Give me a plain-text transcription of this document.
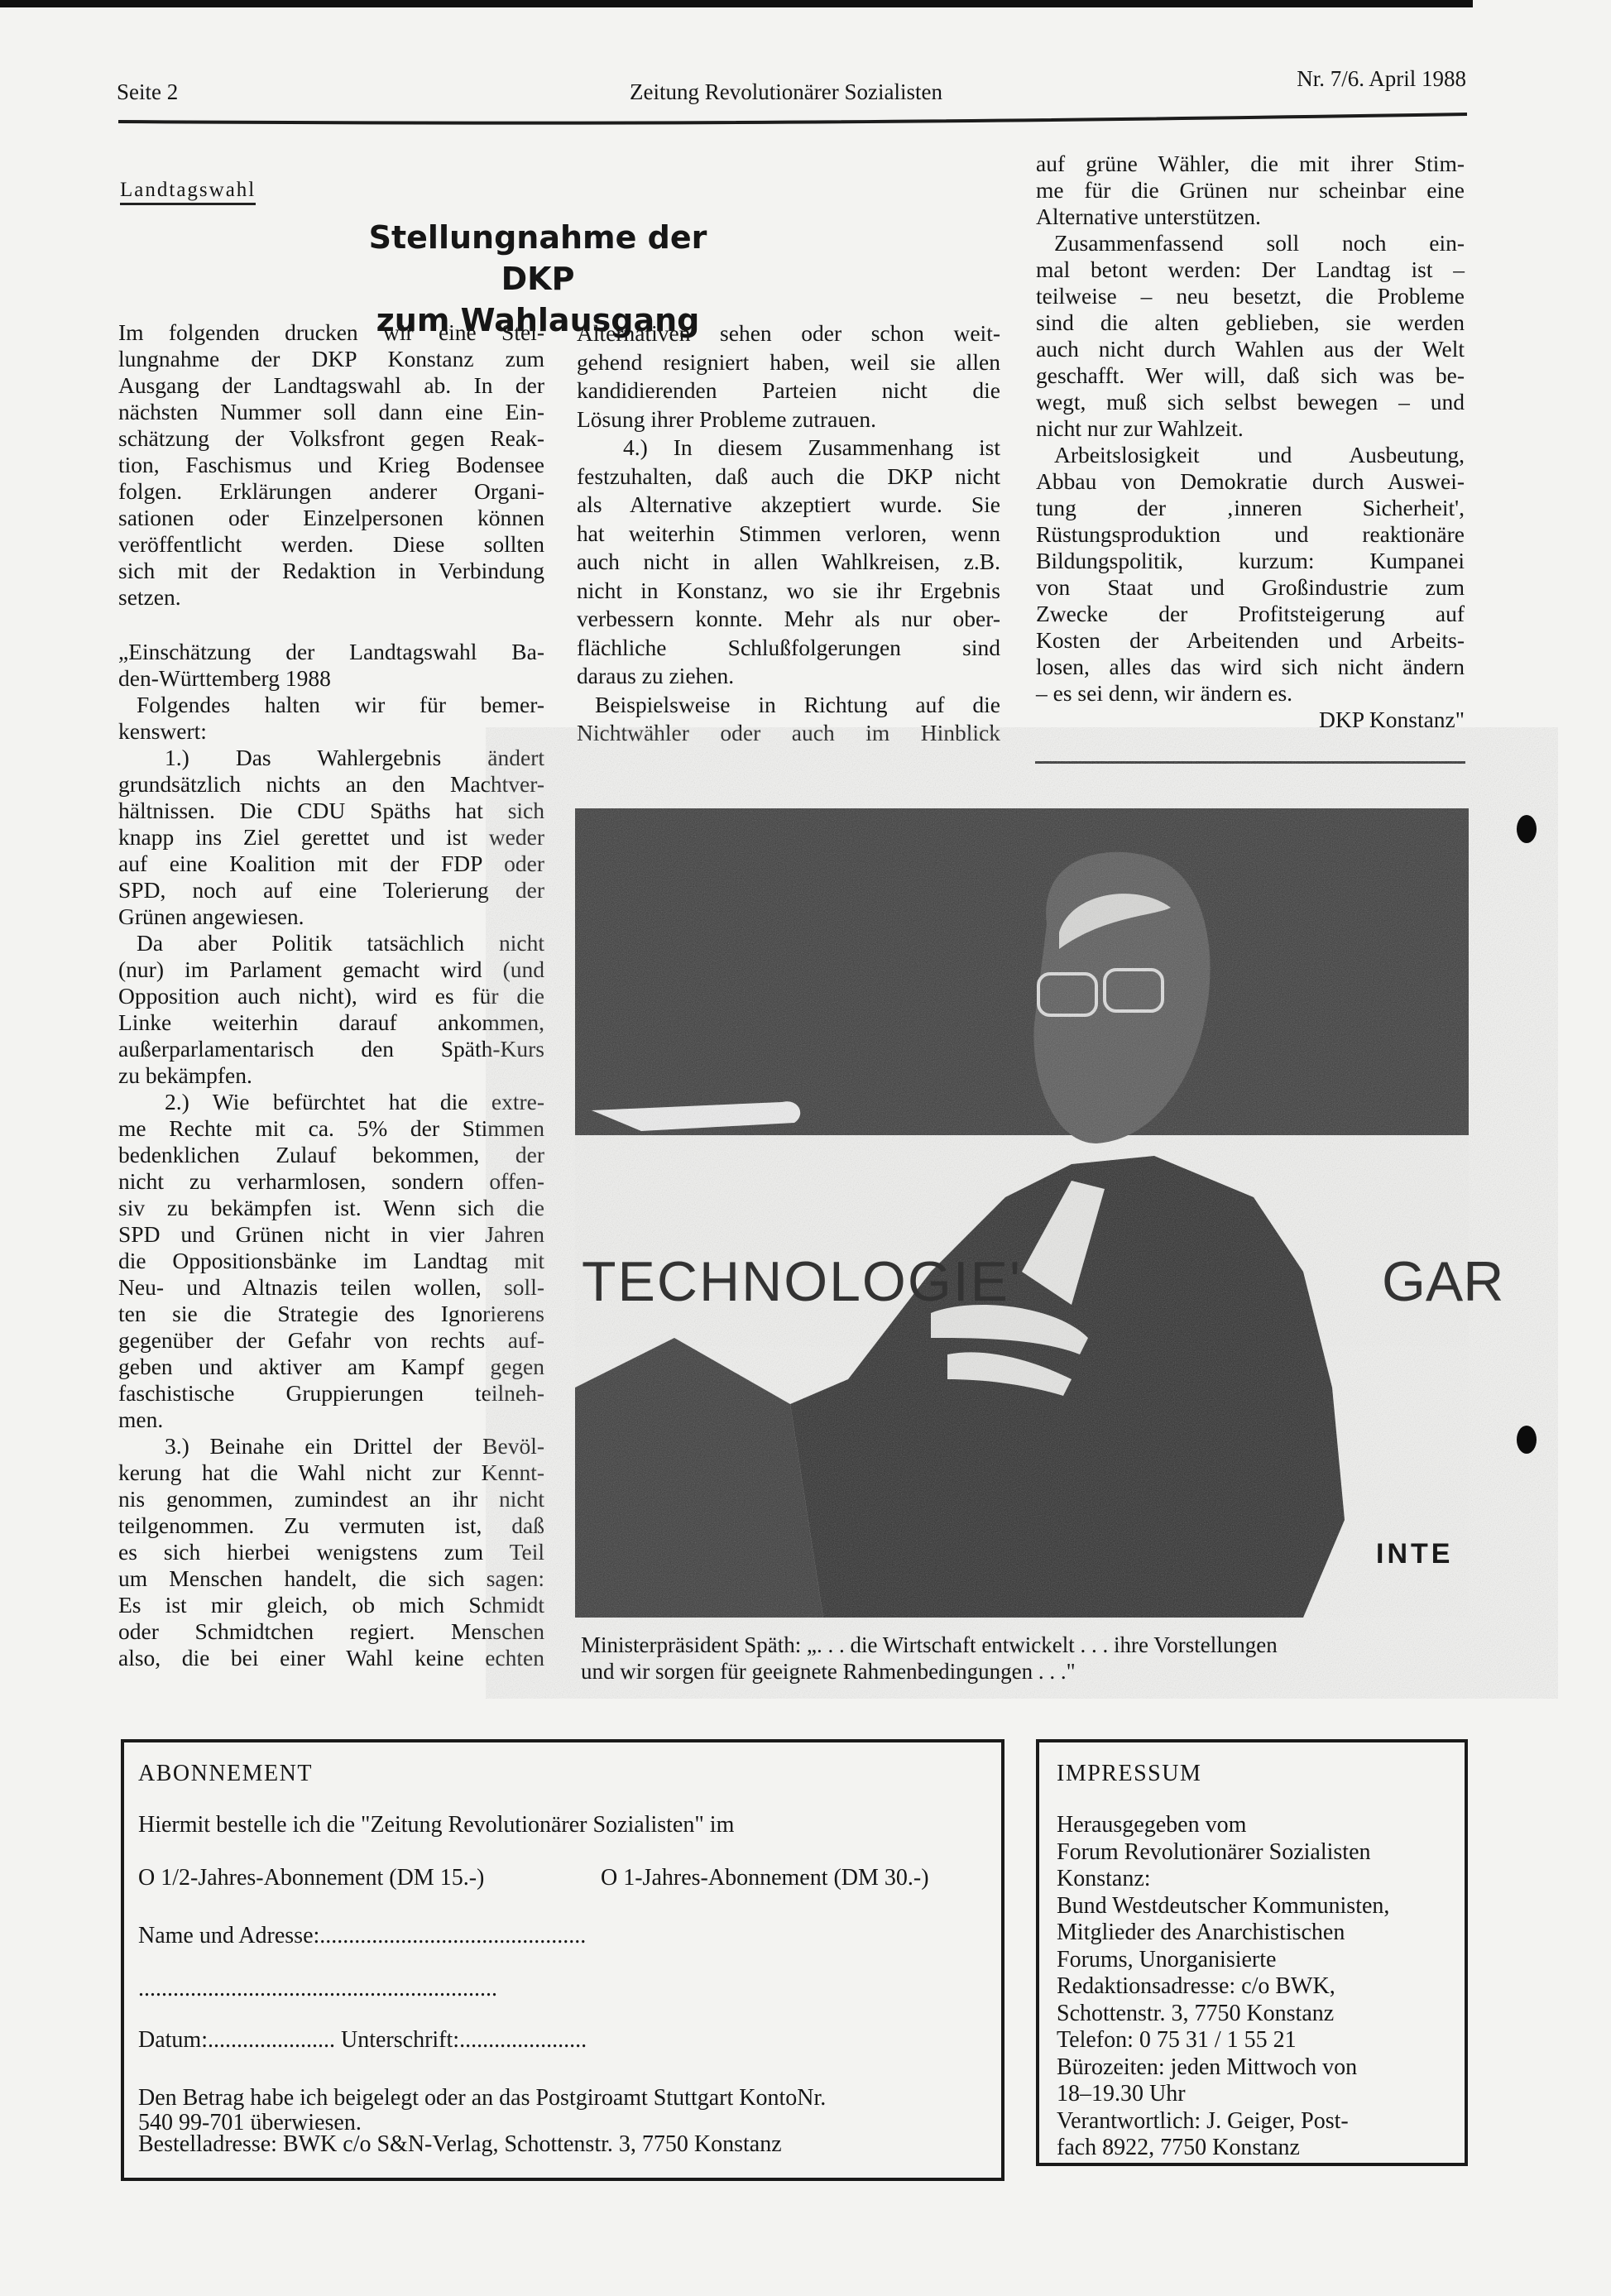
Seite 2	Zeitung Revolutionärer Sozialisten
Nr. 7/6. April 1988
Landtagswahl
Stellungnahme der DKP
zum Wahlausgang
Im folgenden drucken wir eine Stel-
lungnahme der DKP Konstanz zum
Ausgang der Landtagswahl ab. In der
nächsten Nummer soll dann eine Ein-
schätzung der Volksfront gegen Reak-
tion, Faschismus und Krieg Bodensee
folgen. Erklärungen anderer Organi-
sationen oder Einzelpersonen können
veröffentlicht werden. Diese sollten
sich mit der Redaktion in Verbindung
setzen.
„Einschätzung der Landtagswahl Ba-
den-Württemberg 1988
Folgendes halten wir für bemer-
kenswert:
1.) Das Wahlergebnis ändert
grundsätzlich nichts an den Machtver-
hältnissen. Die CDU Späths hat sich
knapp ins Ziel gerettet und ist weder
auf eine Koalition mit der FDP oder
SPD, noch auf eine Tolerierung der
Grünen angewiesen.
Da aber Politik tatsächlich nicht
(nur) im Parlament gemacht wird (und
Opposition auch nicht), wird es für die
Linke weiterhin darauf ankommen,
außerparlamentarisch den Späth-Kurs
zu bekämpfen.
2.) Wie befürchtet hat die extre-
me Rechte mit ca. 5% der Stimmen
bedenklichen Zulauf bekommen, der
nicht zu verharmlosen, sondern offen-
siv zu bekämpfen ist. Wenn sich die
SPD und Grünen nicht in vier Jahren
die Oppositionsbänke im Landtag mit
Neu- und Altnazis teilen wollen, soll-
ten sie die Strategie des Ignorierens
gegenüber der Gefahr von rechts auf-
geben und aktiver am Kampf gegen
faschistische Gruppierungen teilneh-
men.
3.) Beinahe ein Drittel der Bevöl-
kerung hat die Wahl nicht zur Kennt-
nis genommen, zumindest an ihr nicht
teilgenommen. Zu vermuten ist, daß
es sich hierbei wenigstens zum Teil
um Menschen handelt, die sich sagen:
Es ist mir gleich, ob mich Schmidt
oder Schmidtchen regiert. Menschen
also, die bei einer Wahl keine echten
Alternativen sehen oder schon weit-
gehend resigniert haben, weil sie allen
kandidierenden Parteien nicht die
Lösung ihrer Probleme zutrauen.
4.) In diesem Zusammenhang ist
festzuhalten, daß auch die DKP nicht
als Alternative akzeptiert wurde. Sie
hat weiterhin Stimmen verloren, wenn
auch nicht in allen Wahlkreisen, z.B.
nicht in Konstanz, wo sie ihr Ergebnis
verbessern konnte. Mehr als nur ober-
flächliche Schlußfolgerungen sind
daraus zu ziehen.
Beispielsweise in Richtung auf die
Nichtwähler oder auch im Hinblick
auf grüne Wähler, die mit ihrer Stim-
me für die Grünen nur scheinbar eine
Alternative unterstützen.
Zusammenfassend soll noch ein-
mal betont werden: Der Landtag ist –
teilweise – neu besetzt, die Probleme
sind die alten geblieben, sie werden
auch nicht durch Wahlen aus der Welt
geschafft. Wer will, daß sich was be-
wegt, muß sich selbst bewegen – und
nicht nur zur Wahlzeit.
Arbeitslosigkeit und Ausbeutung,
Abbau von Demokratie durch Auswei-
tung der ‚inneren Sicherheit',
Rüstungsproduktion und reaktionäre
Bildungspolitik, kurzum: Kumpanei
von Staat und Großindustrie zum
Zwecke der Profitsteigerung auf
Kosten der Arbeitenden und Arbeits-
losen, alles das wird sich nicht ändern
– es sei denn, wir ändern es.
DKP Konstanz"
TECHNOLOGIE'	GAR
INTE
Ministerpräsident Späth: „. . . die Wirtschaft entwickelt . . . ihre Vorstellungen
und wir sorgen für geeignete Rahmenbedingungen . . ."
ABONNEMENT
Hiermit bestelle ich die "Zeitung Revolutionärer Sozialisten" im
O 1/2-Jahres-Abonnement (DM 15.-)	O 1-Jahres-Abonnement (DM 30.-)
Name und Adresse:..............................................
..............................................................
Datum:...................... Unterschrift:......................
Den Betrag habe ich beigelegt oder an das Postgiroamt Stuttgart KontoNr.
540 99-701 überwiesen.
Bestelladresse: BWK c/o S&N-Verlag, Schottenstr. 3, 7750 Konstanz
IMPRESSUM
Herausgegeben vom
Forum Revolutionärer Sozialisten
Konstanz:
Bund Westdeutscher Kommunisten,
Mitglieder des Anarchistischen
Forums, Unorganisierte
Redaktionsadresse: c/o BWK,
Schottenstr. 3, 7750 Konstanz
Telefon: 0 75 31 / 1 55 21
Bürozeiten: jeden Mittwoch von
18–19.30 Uhr
Verantwortlich: J. Geiger, Post-
fach 8922, 7750 Konstanz
